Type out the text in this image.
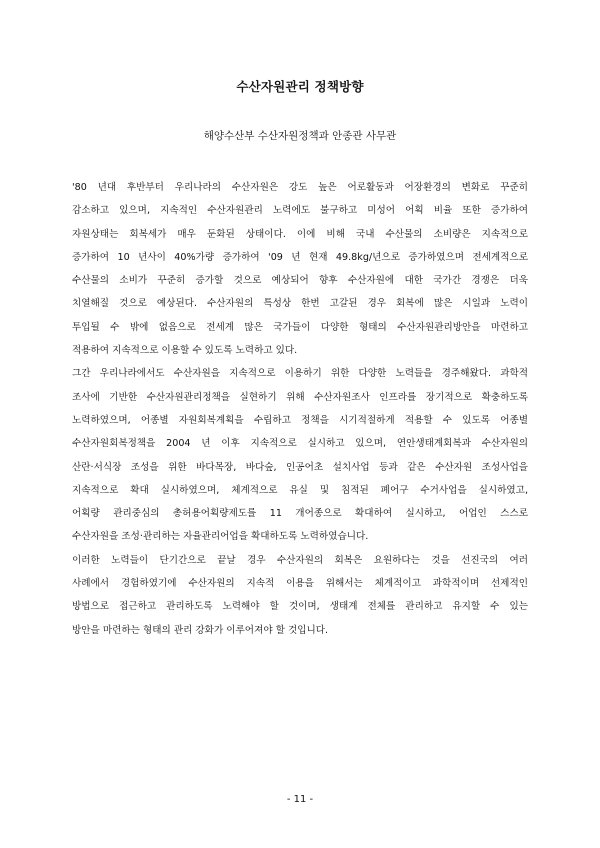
수산자원관리 정책방향
해양수산부 수산자원정책과 안종관 사무관
'80 년대 후반부터 우리나라의 수산자원은 강도 높은 어로활동과 어장환경의 변화로 꾸준히
감소하고 있으며, 지속적인 수산자원관리 노력에도 불구하고 미성어 어획 비율 또한 증가하여
자원상태는 회복세가 매우 둔화된 상태이다. 이에 비해 국내 수산물의 소비량은 지속적으로
증가하여 10 년사이 40%가량 증가하여 '09 년 현재 49.8kg/년으로 증가하였으며 전세계적으로
수산물의 소비가 꾸준히 증가할 것으로 예상되어 향후 수산자원에 대한 국가간 경쟁은 더욱
치열해질 것으로 예상된다. 수산자원의 특성상 한번 고갈된 경우 회복에 많은 시일과 노력이
투입될 수 밖에 없음으로 전세계 많은 국가들이 다양한 형태의 수산자원관리방안을 마련하고
적용하여 지속적으로 이용할 수 있도록 노력하고 있다.
그간 우리나라에서도 수산자원을 지속적으로 이용하기 위한 다양한 노력들을 경주해왔다. 과학적
조사에 기반한 수산자원관리정책을 실현하기 위해 수산자원조사 인프라를 장기적으로 확충하도록
노력하였으며, 어종별 자원회복계획을 수립하고 정책을 시기적절하게 적용할 수 있도록 어종별
수산자원회복정책을 2004 년 이후 지속적으로 실시하고 있으며, 연안생태계회복과 수산자원의
산란·서식장 조성을 위한 바다목장, 바다숲, 인공어초 설치사업 등과 같은 수산자원 조성사업을
지속적으로 확대 실시하였으며, 체계적으로 유실 및 침적된 폐어구 수거사업을 실시하였고,
어획량 관리중심의 총허용어획량제도를 11 개어종으로 확대하여 실시하고, 어업인 스스로
수산자원을 조성·관리하는 자율관리어업을 확대하도록 노력하였습니다.
이러한 노력들이 단기간으로 끝날 경우 수산자원의 회복은 요원하다는 것을 선진국의 여러
사례에서 경험하였기에 수산자원의 지속적 이용을 위해서는 체계적이고 과학적이며 선제적인
방법으로 접근하고 관리하도록 노력해야 할 것이며, 생태계 전체를 관리하고 유지할 수 있는
방안을 마련하는 형태의 관리 강화가 이루어져야 할 것입니다.
- 11 -
